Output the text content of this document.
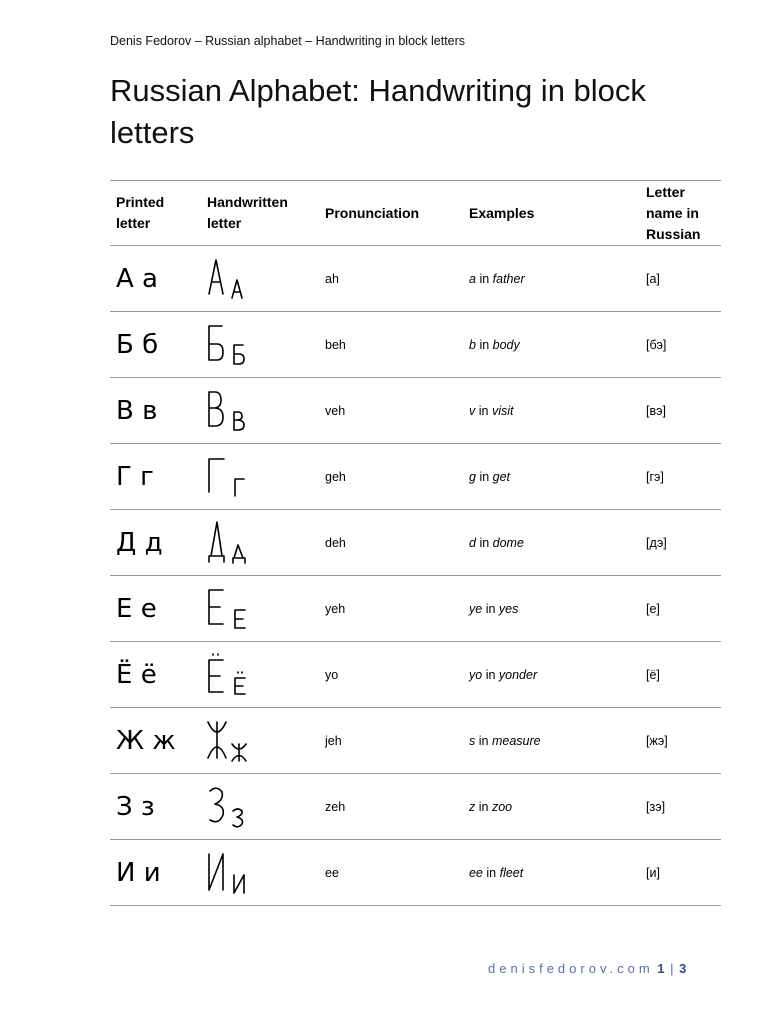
Denis Fedorov – Russian alphabet – Handwriting in block letters
Russian Alphabet: Handwriting in block letters
Printed letter	Handwritten letter	Pronunciation	Examples	Letter name in Russian
А а		ah	a in father	[а]
Б б		beh	b in body	[бэ]
В в		veh	v in visit	[вэ]
Г г		geh	g in get	[гэ]
Д д		deh	d in dome	[дэ]
Е е		yeh	ye in yes	[е]
Ё ё		yo	yo in yonder	[ё]
Ж ж		jeh	s in measure	[жэ]
З з		zeh	z in zoo	[зэ]
И и		ee	ee in fleet	[и]
denisfedorov.com 1 | 3
